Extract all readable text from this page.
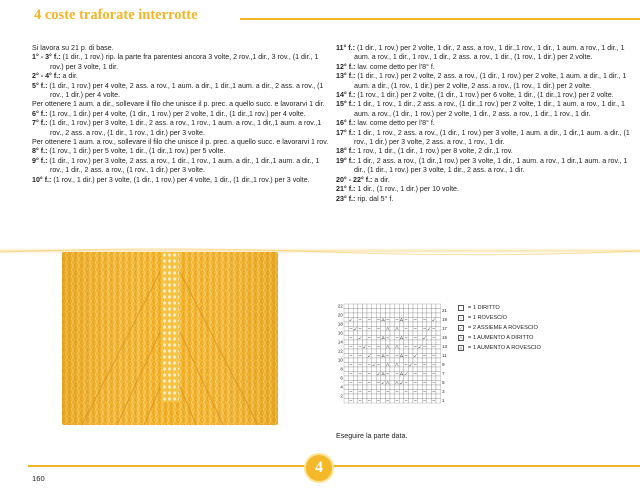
4 coste traforate interrotte

Si lavora su 21 p. di base.

1° - 3° f.: (1 dir., 1 rov.) rip. la parte fra parentesi ancora 3 volte, 2 rov.,1 dir., 3 rov., (1 dir., 1 rov.) per 3 volte, 1 dir.

2° - 4° f.: a dir.

5° f.: (1 dir., 1 rov.) per 4 volte, 2 ass. a rov., 1 aum. a dir., 1 dir.,1 aum. a dir., 2 ass. a rov., (1 rov., 1 dir.) per 4 volte.

Per ottenere 1 aum. a dir., sollevare il filo che unisce il p. prec. a quello succ. e lavorarvi 1 dir.

6° f.: (1 rov., 1 dir.) per 4 volte, (1 dir., 1 rov.) per 2 volte, 1 dir., (1 dir.,1 rov.) per 4 volte.

7° f.: (1 dir., 1 rov.) per 3 volte, 1 dir., 2 ass. a rov., 1 rov., 1 aum. a rov., 1 dir.,1 aum. a rov.,1 rov., 2 ass. a rov., (1 dir., 1 rov., 1 dir.) per 3 volte.

Per ottenere 1 aum. a rov., sollevare il filo che unisce il p. prec. a quello succ. e lavorarvi 1 rov.

8° f.: (1 rov., 1 dir.) per 5 volte, 1 dir., (1 dir.,1 rov.) per 5 volte.

9° f.: (1 dir., 1 rov.) per 3 volte, 2 ass. a rov., 1 dir., 1 rov., 1 aum. a dir., 1 dir.,1 aum. a dir., 1 rov., 1 dir., 2 ass. a rov., (1 rov., 1 dir.) per 3 volte.

10° f.: (1 rov., 1 dir.) per 3 volte, (1 dir., 1 rov.) per 4 volte, 1 dir., (1 dir.,1 rov.) per 3 volte.

11° f.: (1 dir., 1 rov.) per 2 volte, 1 dir., 2 ass. a rov., 1 dir.,1 rov., 1 dir., 1 aum. a rov., 1 dir., 1 aum. a rov., 1 dir., 1 rov., 1 dir., 2 ass. a rov., 1 dir., (1 rov., 1 dir.) per 2 volte.

12° f.: lav. come detto per l'8° f.

13° f.: (1 dir., 1 rov.) per 2 volte, 2 ass. a rov., (1 dir., 1 rov.) per 2 volte, 1 aum. a dir., 1 dir., 1 aum. a dir., (1 rov., 1 dir.) per 2 volte, 2 ass. a rov., (1 rov., 1 dir.) per 2 volte.

14° f.: (1 rov., 1 dir.) per 2 volte, (1 dir., 1 rov.) per 6 volte, 1 dir., (1 dir.,1 rov.) per 2 volte.

15° f.: 1 dir., 1 rov., 1 dir., 2 ass. a rov., (1 dir.,1 rov.) per 2 volte, 1 dir., 1 aum. a rov., 1 dir., 1 aum. a rov., (1 dir., 1 rov.) per 2 volte, 1 dir., 2 ass. a rov., 1 dir., 1 rov., 1 dir.

16° f.: lav. come detto per l'8° f.

17° f.: 1 dir., 1 rov., 2 ass. a rov., (1 dir., 1 rov.) per 3 volte, 1 aum. a dir., 1 dir.,1 aum. a dir., (1 rov., 1 dir.) per 3 volte, 2 ass. a rov., 1 rov., 1 dir.

18° f.: 1 rov., 1 dir., (1 dir., 1 rov.) per 8 volte, 2 dir.,1 rov.

19° f.: 1 dir., 2 ass. a rov., (1 dir.,1 rov.) per 3 volte, 1 dir., 1 aum. a rov., 1 dir.,1 aum. a rov., 1 dir., (1 dir., 1 rov.) per 3 volte, 1 dir., 2 ass. a rov., 1 dir.

20° - 22° f.: a dir.

21° f.: 1 dir., (1 rov., 1 dir.) per 10 volte.

23° f.: rip. dal 5° f.

22
20
18
16
14
12
10
8
6
4
2
21
19
17
15
13
11
9
7
5
3
1
= 1 DIRITTO
= 1 ROVESCIO
= 2 ASSIEME A ROVESCIO
= 1 AUMENTO A DIRITTO
= 1 AUMENTO A ROVESCIO
Eseguire la parte data.
4
160
